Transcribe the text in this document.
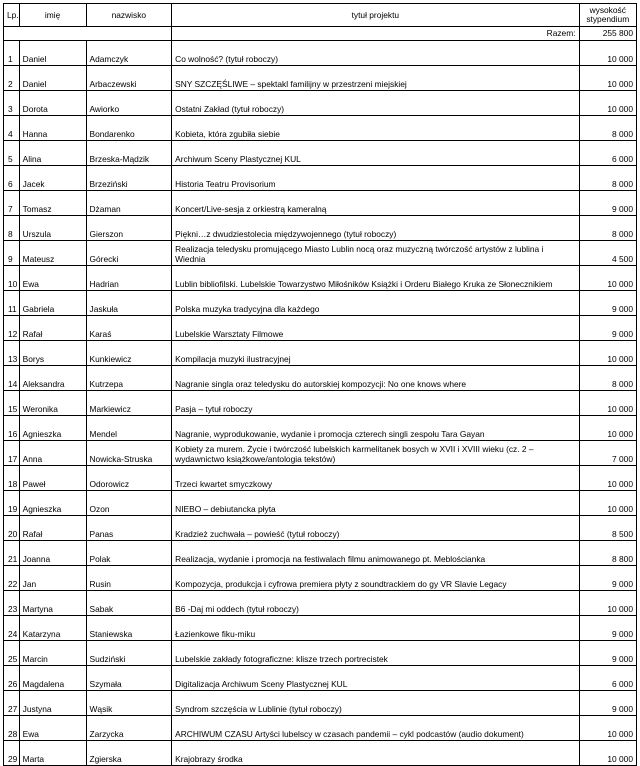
Lp.	imię	nazwisko	tytuł projektu	wysokość
stypendium

			Razem:	255 800
1	Daniel	Adamczyk	Co wolność? (tytuł roboczy)	10 000
2	Daniel	Arbaczewski	SNY SZCZĘŚLIWE – spektakl familijny w przestrzeni miejskiej	10 000
3	Dorota	Awiorko	Ostatni Zakład (tytuł roboczy)	10 000
4	Hanna	Bondarenko	Kobieta, która zgubiła siebie	8 000
5	Alina	Brzeska-Mądzik	Archiwum Sceny Plastycznej KUL	6 000
6	Jacek	Brzeziński	Historia Teatru Provisorium	8 000
7	Tomasz	Dżaman	Koncert/Live-sesja z orkiestrą kameralną	9 000
8	Urszula	Gierszon	Piękni…z dwudziestolecia międzywojennego (tytuł roboczy)	8 000
9	Mateusz	Górecki	Realizacja teledysku promującego Miasto Lublin nocą oraz muzyczną twórczość artystów z lublina i Wiednia	4 500
10	Ewa	Hadrian	Lublin bibliofilski. Lubelskie Towarzystwo Miłośników Książki i Orderu Białego Kruka ze Słonecznikiem	10 000
11	Gabriela	Jaskuła	Polska muzyka tradycyjna dla każdego	9 000
12	Rafał	Karaś	Lubelskie Warsztaty Filmowe	9 000
13	Borys	Kunkiewicz	Kompilacja muzyki ilustracyjnej	10 000
14	Aleksandra	Kutrzepa	Nagranie singla oraz teledysku do autorskiej kompozycji: No one knows where	8 000
15	Weronika	Markiewicz	Pasja – tytuł roboczy	10 000
16	Agnieszka	Mendel	Nagranie, wyprodukowanie, wydanie i promocja czterech singli zespołu Tara Gayan	10 000
17	Anna	Nowicka-Struska	Kobiety za murem. Życie i twórczość lubelskich karmelitanek bosych w XVII i XVIII wieku (cz. 2 – wydawnictwo książkowe/antologia tekstów)	7 000
18	Paweł	Odorowicz	Trzeci kwartet smyczkowy	10 000
19	Agnieszka	Ozon	NIEBO – debiutancka płyta	10 000
20	Rafał	Panas	Kradzież zuchwała – powieść (tytuł roboczy)	8 500
21	Joanna	Polak	Realizacja, wydanie i promocja na festiwalach filmu animowanego pt. Meblościanka	8 800
22	Jan	Rusin	Kompozycja, produkcja i cyfrowa premiera płyty z soundtrackiem do gy VR Slavie Legacy	9 000
23	Martyna	Sabak	B6 -Daj mi oddech (tytuł roboczy)	10 000
24	Katarzyna	Staniewska	Łazienkowe fiku-miku	9 000
25	Marcin	Sudziński	Lubelskie zakłady fotograficzne: klisze trzech portrecistek	9 000
26	Magdalena	Szymała	Digitalizacja Archiwum Sceny Plastycznej KUL	6 000
27	Justyna	Wąsik	Syndrom szczęścia w Lublinie (tytuł roboczy)	9 000
28	Ewa	Zarzycka	ARCHIWUM CZASU Artyści lubelscy w czasach pandemii – cykl podcastów (audio dokument)	10 000
29	Marta	Zgierska	Krajobrazy środka	10 000
